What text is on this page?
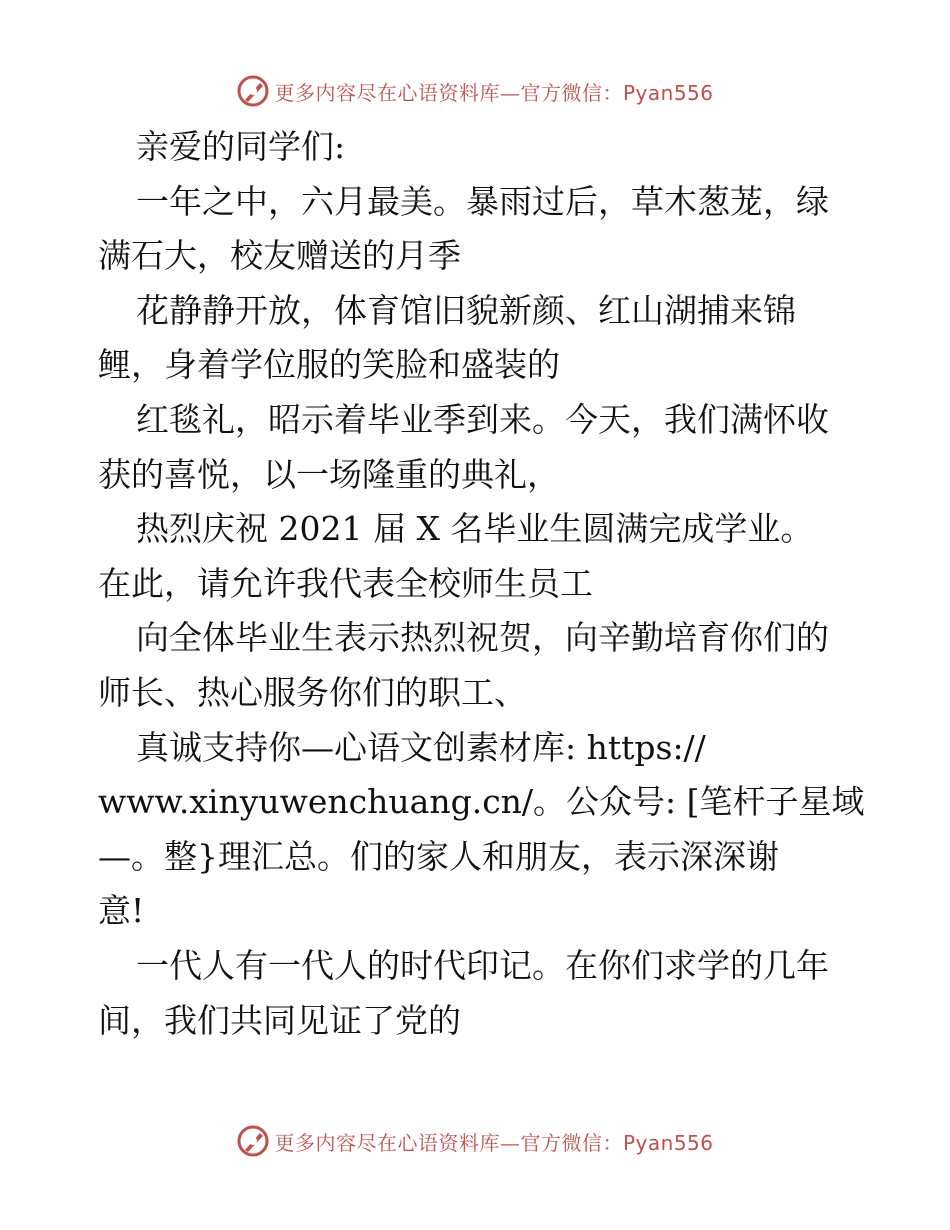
更多内容尽在心语资料库—官方微信：Pyan556
亲爱的同学们:
一年之中，六月最美。暴雨过后，草木葱茏，绿
满石大，校友赠送的月季
花静静开放，体育馆旧貌新颜、红山湖捕来锦
鲤，身着学位服的笑脸和盛装的
红毯礼，昭示着毕业季到来。今天，我们满怀收
获的喜悦，以一场隆重的典礼，
热烈庆祝 2021 届 X 名毕业生圆满完成学业。
在此，请允许我代表全校师生员工
向全体毕业生表示热烈祝贺，向辛勤培育你们的
师长、热心服务你们的职工、
真诚支持你—心语文创素材库: https://
www.xinyuwenchuang.cn/。公众号: [笔杆子星域
—。整}理汇总。们的家人和朋友，表示深深谢
意!
一代人有一代人的时代印记。在你们求学的几年
间，我们共同见证了党的
更多内容尽在心语资料库—官方微信：Pyan556
